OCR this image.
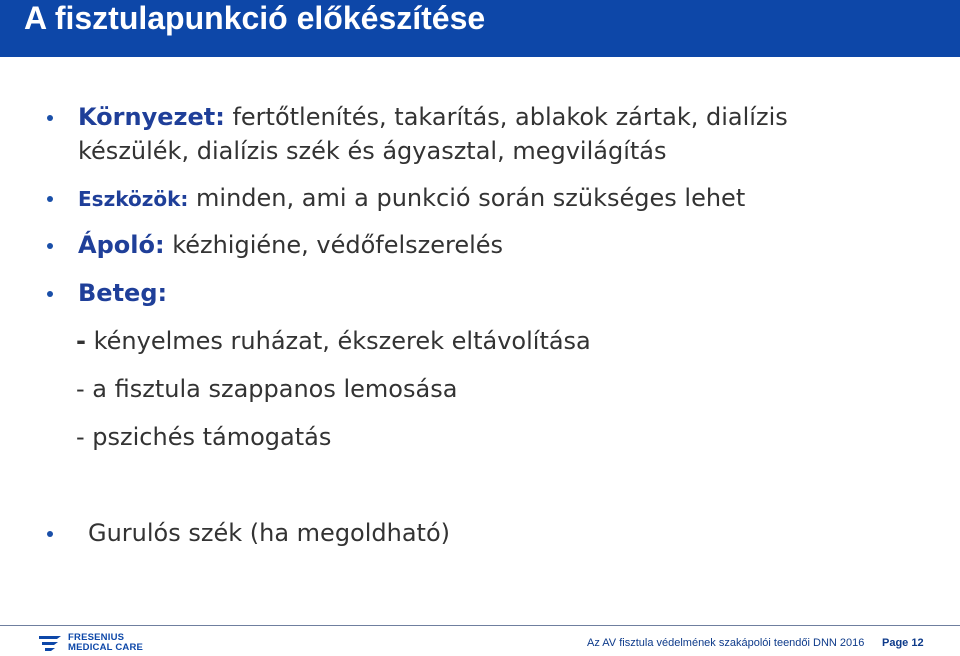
A fisztulapunkció előkészítése
Környezet: fertőtlenítés, takarítás, ablakok zártak, dialízis
készülék, dialízis szék és ágyasztal, megvilágítás
Eszközök: minden, ami a punkció során szükséges lehet
Ápoló: kézhigiéne, védőfelszerelés
Beteg:
- kényelmes ruházat, ékszerek eltávolítása
- a fisztula szappanos lemosása
- pszichés támogatás
Gurulós szék (ha megoldható)
FRESENIUS
MEDICAL CARE	Az AV fisztula védelmének szakápolói teendői DNN 2016 Page 12
